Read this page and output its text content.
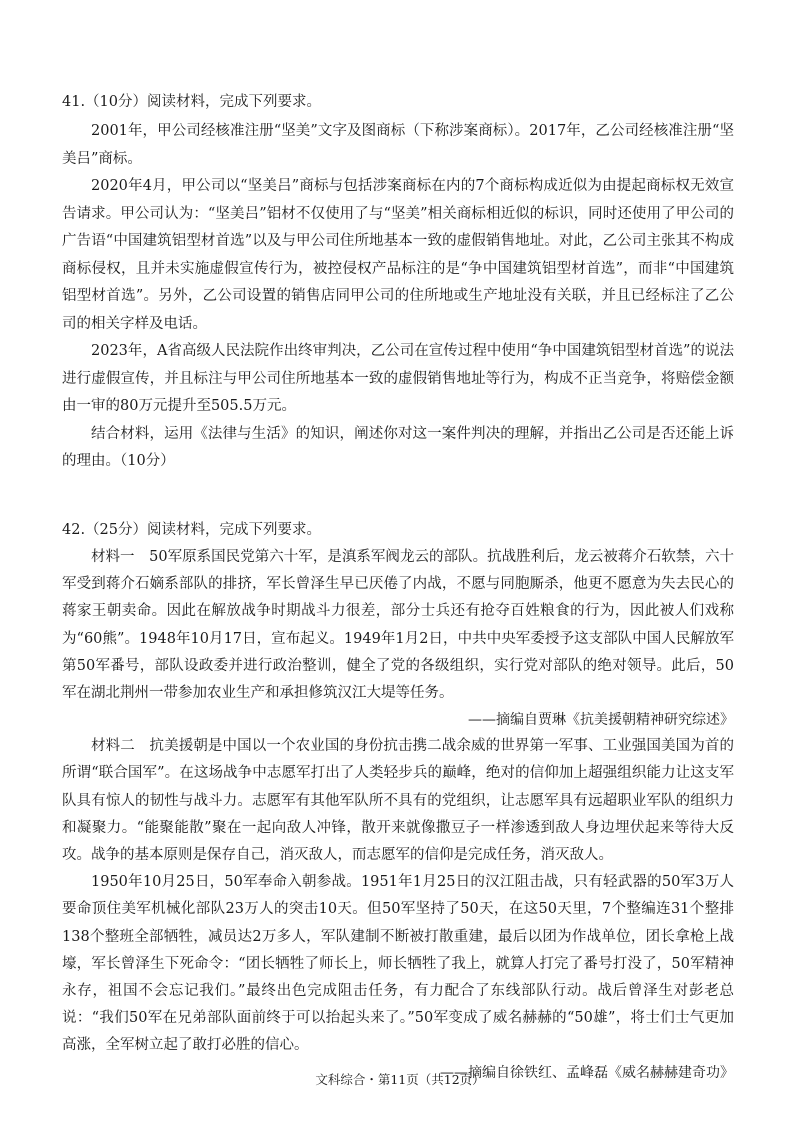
41.（10分）阅读材料，完成下列要求。

2001年，甲公司经核准注册“坚美”文字及图商标（下称涉案商标）。2017年，乙公司经核准注册“坚美吕”商标。

2020年4月，甲公司以“坚美吕”商标与包括涉案商标在内的7个商标构成近似为由提起商标权无效宣告请求。甲公司认为：“坚美吕”铝材不仅使用了与“坚美”相关商标相近似的标识，同时还使用了甲公司的广告语“中国建筑铝型材首选”以及与甲公司住所地基本一致的虚假销售地址。对此，乙公司主张其不构成商标侵权，且并未实施虚假宣传行为，被控侵权产品标注的是“争中国建筑铝型材首选”，而非“中国建筑铝型材首选”。另外，乙公司设置的销售店同甲公司的住所地或生产地址没有关联，并且已经标注了乙公司的相关字样及电话。

2023年，A省高级人民法院作出终审判决，乙公司在宣传过程中使用“争中国建筑铝型材首选”的说法进行虚假宣传，并且标注与甲公司住所地基本一致的虚假销售地址等行为，构成不正当竞争，将赔偿金额由一审的80万元提升至505.5万元。

结合材料，运用《法律与生活》的知识，阐述你对这一案件判决的理解，并指出乙公司是否还能上诉的理由。（10分）

42.（25分）阅读材料，完成下列要求。

材料一　50军原系国民党第六十军，是滇系军阀龙云的部队。抗战胜利后，龙云被蒋介石软禁，六十军受到蒋介石嫡系部队的排挤，军长曾泽生早已厌倦了内战，不愿与同胞厮杀，他更不愿意为失去民心的蒋家王朝卖命。因此在解放战争时期战斗力很差，部分士兵还有抢夺百姓粮食的行为，因此被人们戏称为“60熊”。1948年10月17日，宣布起义。1949年1月2日，中共中央军委授予这支部队中国人民解放军第50军番号，部队设政委并进行政治整训，健全了党的各级组织，实行党对部队的绝对领导。此后，50军在湖北荆州一带参加农业生产和承担修筑汉江大堤等任务。

——摘编自贾琳《抗美援朝精神研究综述》

材料二　抗美援朝是中国以一个农业国的身份抗击携二战余威的世界第一军事、工业强国美国为首的所谓“联合国军”。在这场战争中志愿军打出了人类轻步兵的巅峰，绝对的信仰加上超强组织能力让这支军队具有惊人的韧性与战斗力。志愿军有其他军队所不具有的党组织，让志愿军具有远超职业军队的组织力和凝聚力。“能聚能散”聚在一起向敌人冲锋，散开来就像撒豆子一样渗透到敌人身边埋伏起来等待大反攻。战争的基本原则是保存自己，消灭敌人，而志愿军的信仰是完成任务，消灭敌人。

1950年10月25日，50军奉命入朝参战。1951年1月25日的汉江阻击战，只有轻武器的50军3万人要命顶住美军机械化部队23万人的突击10天。但50军坚持了50天，在这50天里，7个整编连31个整排138个整班全部牺牲，减员达2万多人，军队建制不断被打散重建，最后以团为作战单位，团长拿枪上战壕，军长曾泽生下死命令：“团长牺牲了师长上，师长牺牲了我上，就算人打完了番号打没了，50军精神永存，祖国不会忘记我们。”最终出色完成阻击任务，有力配合了东线部队行动。战后曾泽生对彭老总说：“我们50军在兄弟部队面前终于可以抬起头来了。”50军变成了威名赫赫的“50雄”，将士们士气更加高涨，全军树立起了敢打必胜的信心。

——摘编自徐铁红、孟峰磊《威名赫赫建奇功》

文科综合・第11页（共12页）
